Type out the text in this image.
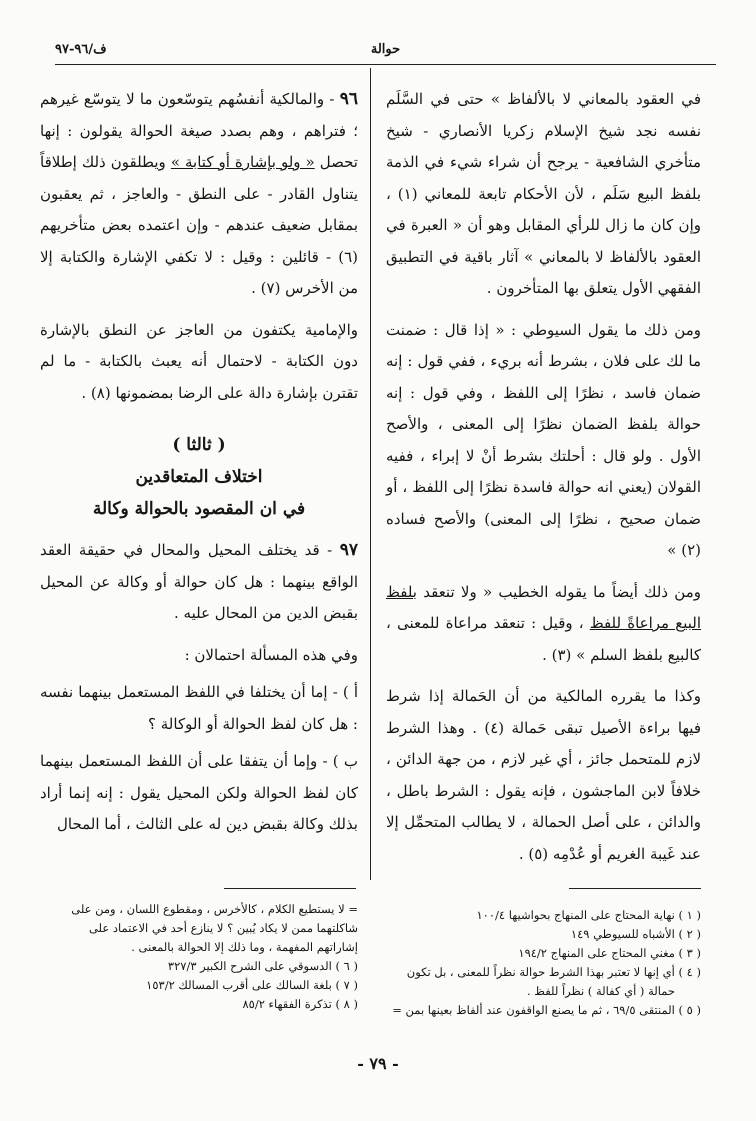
حوالة
ف/٩٦-٩٧

في العقود بالمعاني لا بالألفاظ » حتى في السَّلَم نفسه نجد شيخ الإسلام زكريا الأنصاري - شيخ متأخري الشافعية - يرجح أن شراء شيء في الذمة بلفظ البيع سَلَم ، لأن الأحكام تابعة للمعاني (١) ، وإن كان ما زال للرأي المقابل وهو أن « العبرة في العقود بالألفاظ لا بالمعاني » آثار باقية في التطبيق الفقهي الأول يتعلق بها المتأخرون .

ومن ذلك ما يقول السيوطي : « إذا قال : ضمنت ما لك على فلان ، بشرط أنه بريء ، ففي قول : إنه ضمان فاسد ، نظرًا إلى اللفظ ، وفي قول : إنه حوالة بلفظ الضمان نظرًا إلى المعنى ، والأصح الأول . ولو قال : أحلتك بشرط أنْ لا إبراء ، ففيه القولان (يعني انه حوالة فاسدة نظرًا إلى اللفظ ، أو ضمان صحيح ، نظرًا إلى المعنى) والأصح فساده (٢) »

ومن ذلك أيضاً ما يقوله الخطيب « ولا تنعقد بلفظ البيع مراعاةً للفظ ، وقيل : تنعقد مراعاة للمعنى ، كالبيع بلفظ السلم » (٣) .

وكذا ما يقرره المالكية من أن الحَمالة إذا شرط فيها براءة الأصيل تبقى حَمالة (٤) . وهذا الشرط لازم للمتحمل جائز ، أي غير لازم ، من جهة الدائن ، خلافاً لابن الماجشون ، فإنه يقول : الشرط باطل ، والدائن ، على أصل الحمالة ، لا يطالب المتحمِّل إلا عند غَيبة الغريم أو عُدْمِه (٥) .

٩٦ - والمالكية أنفسُهم يتوسّعون ما لا يتوسّع غيرهم ؛ فتراهم ، وهم بصدد صيغة الحوالة يقولون : إنها تحصل « ولو بإشارة أو كتابة » ويطلقون ذلك إطلاقاً يتناول القادر - على النطق - والعاجز ، ثم يعقبون بمقابل ضعيف عندهم - وإن اعتمده بعض متأخريهم (٦) - قائلين : وقيل : لا تكفي الإشارة والكتابة إلا من الأخرس (٧) .

والإمامية يكتفون من العاجز عن النطق بالإشارة دون الكتابة - لاحتمال أنه يعبث بالكتابة - ما لم تقترن بإشارة دالة على الرضا بمضمونها (٨) .

( ثالثا )
اختلاف المتعاقدين
في ان المقصود بالحوالة وكالة

٩٧ - قد يختلف المحيل والمحال في حقيقة العقد الواقع بينهما : هل كان حوالة أو وكالة عن المحيل بقبض الدين من المحال عليه .

وفي هذه المسألة احتمالان :

أ ) - إما أن يختلفا في اللفظ المستعمل بينهما نفسه : هل كان لفظ الحوالة أو الوكالة ؟

ب ) - وإما أن يتفقا على أن اللفظ المستعمل بينهما كان لفظ الحوالة ولكن المحيل يقول : إنه إنما أراد بذلك وكالة بقبض دين له على الثالث ، أما المحال

( ١ ) نهاية المحتاج على المنهاج بحواشيها ١٠٠/٤
( ٢ ) الأشباه للسيوطي ١٤٩
( ٣ ) مغني المحتاج على المنهاج ١٩٤/٢
( ٤ ) أي إنها لا تعتبر بهذا الشرط حوالة نظراً للمعنى ، بل تكون
حمالة ( أي كفالة ) نظراً للفظ .
( ٥ ) المنتقى ٦٩/٥ ، ثم ما يصنع الواقفون عند ألفاظ بعينها بمن =
= لا يستطيع الكلام ، كالأخرس ، ومقطوع اللسان ، ومن على
شاكلتهما ممن لا يكاد يُبين ؟ لا ينازع أحد في الاعتماد على
إشاراتهم المفهمة ، وما ذلك إلا الحوالة بالمعنى .
( ٦ ) الدسوقي على الشرح الكبير ٣٢٧/٣
( ٧ ) بلغة السالك على أقرب المسالك ١٥٣/٢
( ٨ ) تذكرة الفقهاء ٨٥/٢
- ٧٩ -
